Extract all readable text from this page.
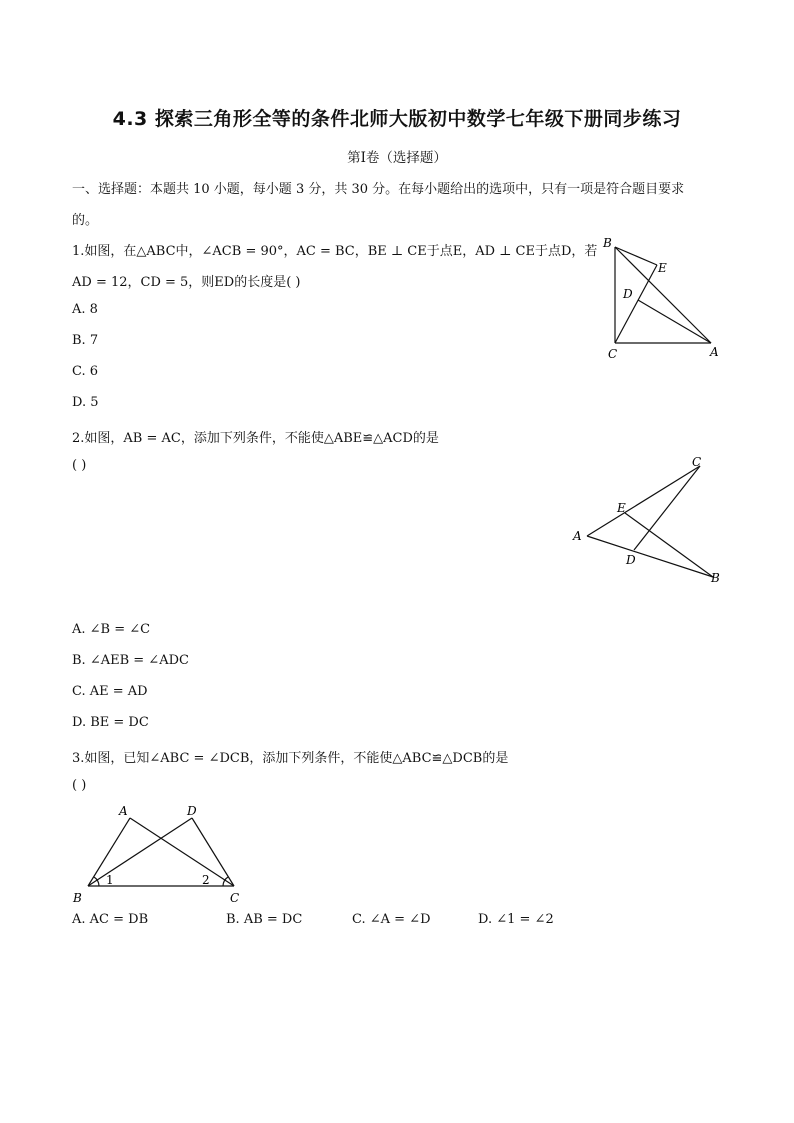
4.3 探索三角形全等的条件北师大版初中数学七年级下册同步练习
第Ⅰ卷（选择题）
一、选择题：本题共 10 小题，每小题 3 分，共 30 分。在每小题给出的选项中，只有一项是符合题目要求
的。
1.如图，在△ABC中，∠ACB = 90°，AC = BC，BE ⊥ CE于点E，AD ⊥ CE于点D，若
AD = 12，CD = 5，则ED的长度是( )
A. 8
B. 7
C. 6
D. 5
B
E
D
C	A
2.如图，AB = AC，添加下列条件，不能使△ABE≌△ACD的是
( )	C
E
A
D
B
A. ∠B = ∠C
B. ∠AEB = ∠ADC
C. AE = AD
D. BE = DC
3.如图，已知∠ABC = ∠DCB，添加下列条件，不能使△ABC≌△DCB的是
( )
A	D
B	C
1	2
A. AC = DB	B. AB = DC	C. ∠A = ∠D	D. ∠1 = ∠2
